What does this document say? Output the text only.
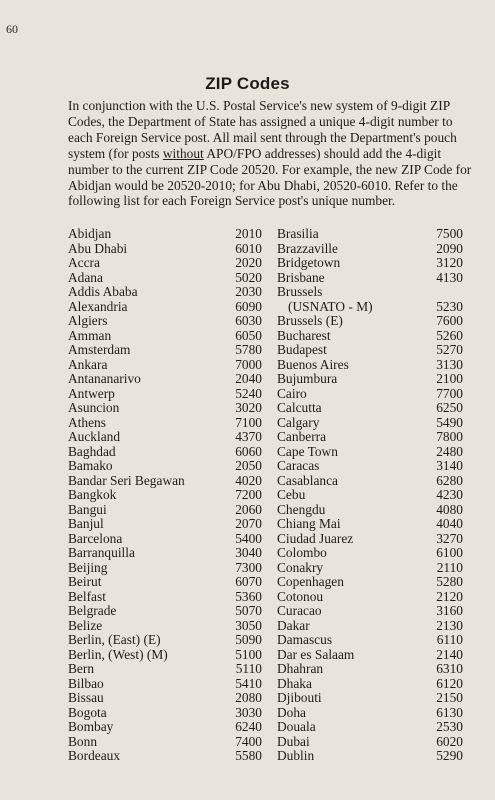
60
ZIP Codes

In conjunction with the U.S. Postal Service's new system of 9-digit ZIP Codes, the Department of State has assigned a unique 4-digit number to each Foreign Service post. All mail sent through the Department's pouch system (for posts without APO/FPO addresses) should add the 4-digit number to the current ZIP Code 20520. For example, the new ZIP Code for Abidjan would be 20520-2010; for Abu Dhabi, 20520-6010. Refer to the following list for each Foreign Service post's unique number.

Abidjan	2010
Abu Dhabi	6010
Accra	2020
Adana	5020
Addis Ababa	2030
Alexandria	6090
Algiers	6030
Amman	6050
Amsterdam	5780
Ankara	7000
Antananarivo	2040
Antwerp	5240
Asuncion	3020
Athens	7100
Auckland	4370
Baghdad	6060
Bamako	2050
Bandar Seri Begawan	4020
Bangkok	7200
Bangui	2060
Banjul	2070
Barcelona	5400
Barranquilla	3040
Beijing	7300
Beirut	6070
Belfast	5360
Belgrade	5070
Belize	3050
Berlin, (East) (E)	5090
Berlin, (West) (M)	5100
Bern	5110
Bilbao	5410
Bissau	2080
Bogota	3030
Bombay	6240
Bonn	7400
Bordeaux	5580
Brasilia	7500
Brazzaville	2090
Bridgetown	3120
Brisbane	4130
Brussels
(USNATO - M)	5230
Brussels (E)	7600
Bucharest	5260
Budapest	5270
Buenos Aires	3130
Bujumbura	2100
Cairo	7700
Calcutta	6250
Calgary	5490
Canberra	7800
Cape Town	2480
Caracas	3140
Casablanca	6280
Cebu	4230
Chengdu	4080
Chiang Mai	4040
Ciudad Juarez	3270
Colombo	6100
Conakry	2110
Copenhagen	5280
Cotonou	2120
Curacao	3160
Dakar	2130
Damascus	6110
Dar es Salaam	2140
Dhahran	6310
Dhaka	6120
Djibouti	2150
Doha	6130
Douala	2530
Dubai	6020
Dublin	5290
